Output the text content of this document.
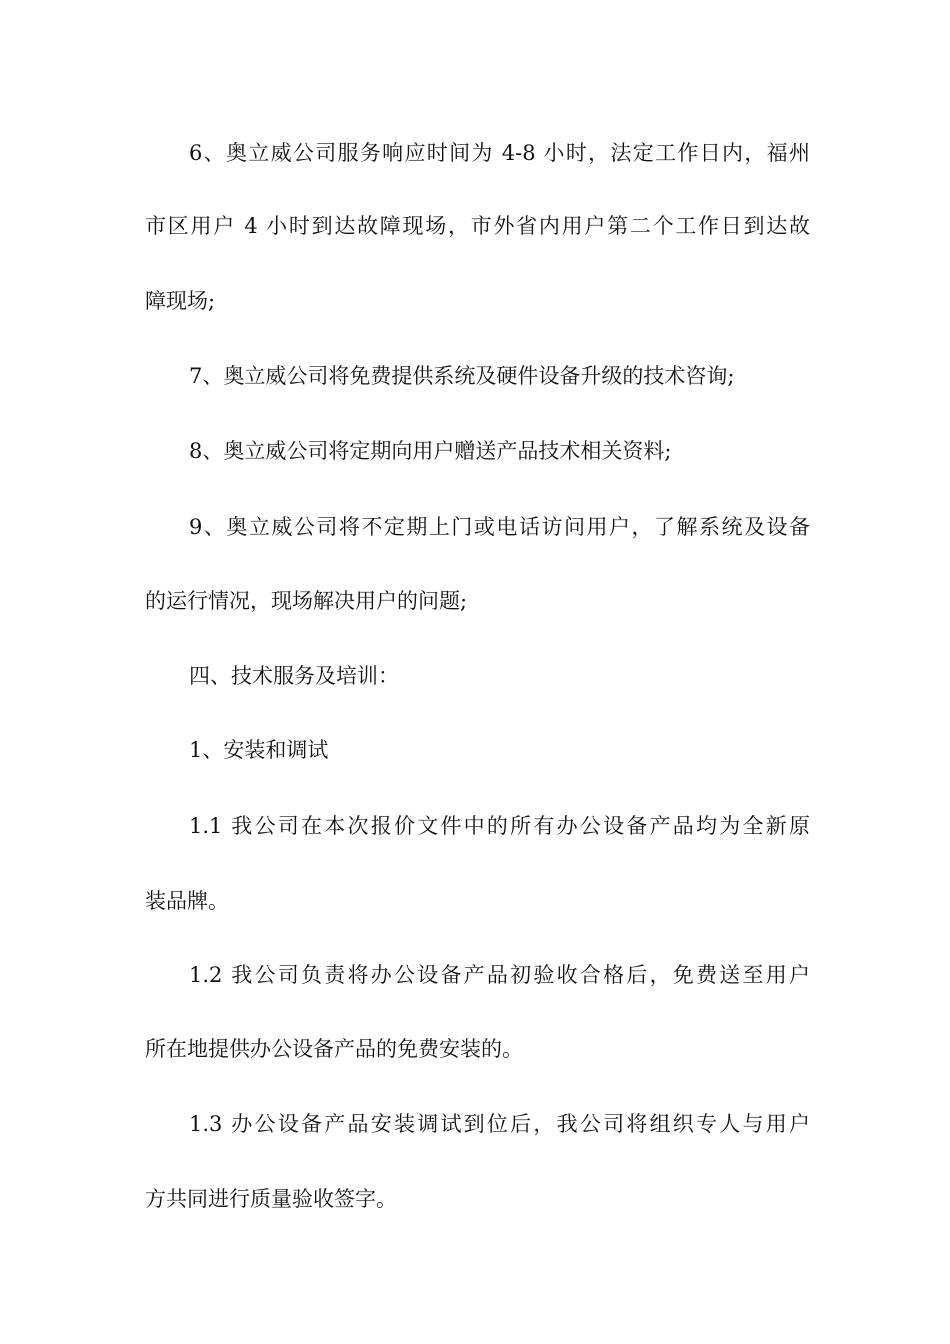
6、奥立威公司服务响应时间为 4-8 小时，法定工作日内，福州
市区用户 4 小时到达故障现场，市外省内用户第二个工作日到达故
障现场;
7、奥立威公司将免费提供系统及硬件设备升级的技术咨询;
8、奥立威公司将定期向用户赠送产品技术相关资料;
9、奥立威公司将不定期上门或电话访问用户，了解系统及设备
的运行情况，现场解决用户的问题;
四、技术服务及培训：
1、安装和调试
1.1 我公司在本次报价文件中的所有办公设备产品均为全新原
装品牌。
1.2 我公司负责将办公设备产品初验收合格后，免费送至用户
所在地提供办公设备产品的免费安装的。
1.3 办公设备产品安装调试到位后，我公司将组织专人与用户
方共同进行质量验收签字。
